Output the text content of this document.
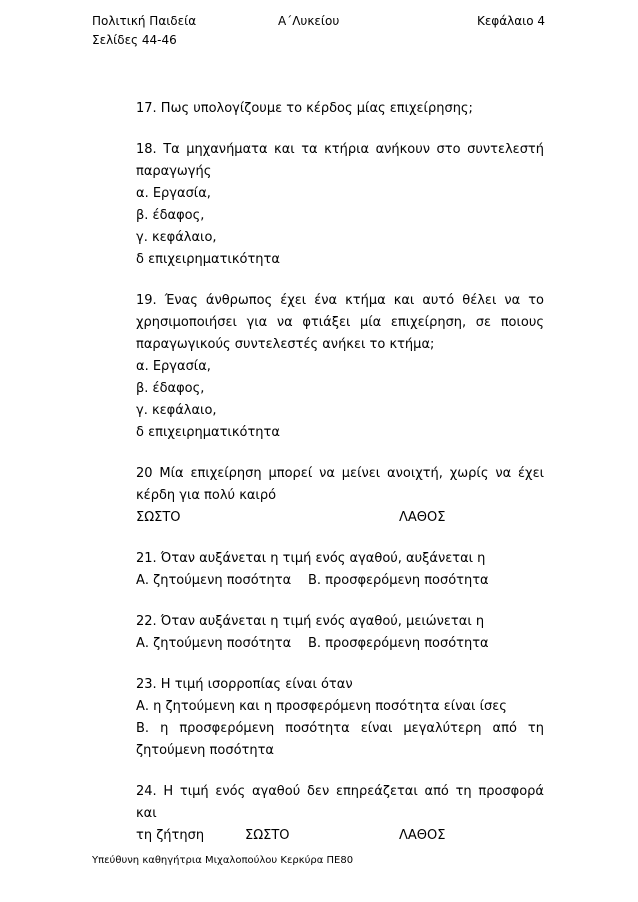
Πολιτική Παιδεία	Κεφάλαιο 4
Α΄Λυκείου
Σελίδες 44-46
17. Πως υπολογίζουμε το κέρδος μίας επιχείρησης;
18. Τα μηχανήματα και τα κτήρια ανήκουν στο συντελεστή
παραγωγής
α. Εργασία,
β. έδαφος,
γ. κεφάλαιο,
δ επιχειρηματικότητα
19. Ένας άνθρωπος έχει ένα κτήμα και αυτό θέλει να το
χρησιμοποιήσει για να φτιάξει μία επιχείρηση, σε ποιους
παραγωγικούς συντελεστές ανήκει το κτήμα;
α. Εργασία,
β. έδαφος,
γ. κεφάλαιο,
δ επιχειρηματικότητα
20 Μία επιχείρηση μπορεί να μείνει ανοιχτή, χωρίς να έχει
κέρδη για πολύ καιρό
ΣΩΣΤΟ	ΛΑΘΟΣ
21. Όταν αυξάνεται η τιμή ενός αγαθού, αυξάνεται η
Α. ζητούμενη ποσότητα	Β. προσφερόμενη ποσότητα
22. Όταν αυξάνεται η τιμή ενός αγαθού, μειώνεται η
Α. ζητούμενη ποσότητα	Β. προσφερόμενη ποσότητα
23. Η τιμή ισορροπίας είναι όταν
Α. η ζητούμενη και η προσφερόμενη ποσότητα είναι ίσες
Β. η προσφερόμενη ποσότητα είναι μεγαλύτερη από τη
ζητούμενη ποσότητα
24. Η τιμή ενός αγαθού δεν επηρεάζεται από τη προσφορά και
τη ζήτηση	ΣΩΣΤΟ	ΛΑΘΟΣ
Υπεύθυνη καθηγήτρια Μιχαλοπούλου Κερκύρα ΠΕ80
